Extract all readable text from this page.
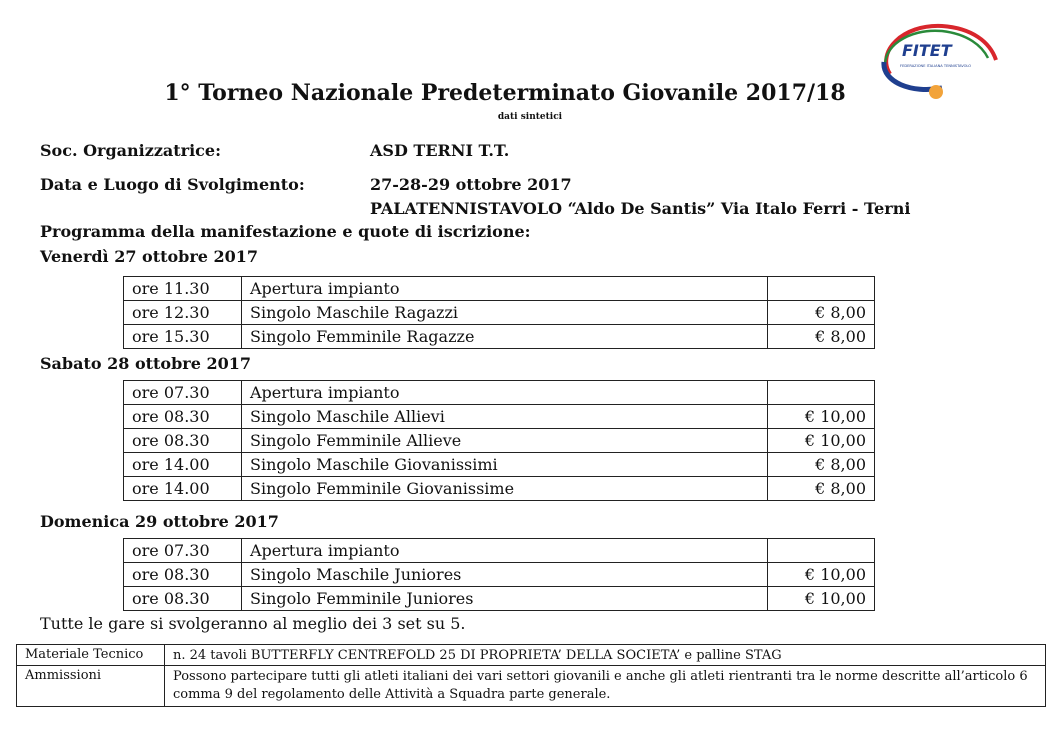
FITET
FEDERAZIONE ITALIANA TENNISTAVOLO
1° Torneo Nazionale Predeterminato Giovanile 2017/18
dati sintetici
Soc. Organizzatrice:	ASD TERNI T.T.
Data e Luogo di Svolgimento:	27-28-29 ottobre 2017
PALATENNISTAVOLO “Aldo De Santis” Via Italo Ferri - Terni
Programma della manifestazione e quote di iscrizione:
Venerdì 27 ottobre 2017
ore 11.30	Apertura impianto	
ore 12.30	Singolo Maschile Ragazzi	€ 8,00
ore 15.30	Singolo Femminile Ragazze	€ 8,00
Sabato 28 ottobre 2017
ore 07.30	Apertura impianto	
ore 08.30	Singolo Maschile Allievi	€ 10,00
ore 08.30	Singolo Femminile Allieve	€ 10,00
ore 14.00	Singolo Maschile Giovanissimi	€ 8,00
ore 14.00	Singolo Femminile Giovanissime	€ 8,00
Domenica 29 ottobre 2017
ore 07.30	Apertura impianto	
ore 08.30	Singolo Maschile Juniores	€ 10,00
ore 08.30	Singolo Femminile Juniores	€ 10,00
Tutte le gare si svolgeranno al meglio dei 3 set su 5.
Materiale Tecnico	n. 24 tavoli BUTTERFLY CENTREFOLD 25 DI PROPRIETA’ DELLA SOCIETA’ e palline STAG
Ammissioni	Possono partecipare tutti gli atleti italiani dei vari settori giovanili e anche gli atleti rientranti tra le norme descritte all’articolo 6 comma 9 del regolamento delle Attività a Squadra parte generale.
